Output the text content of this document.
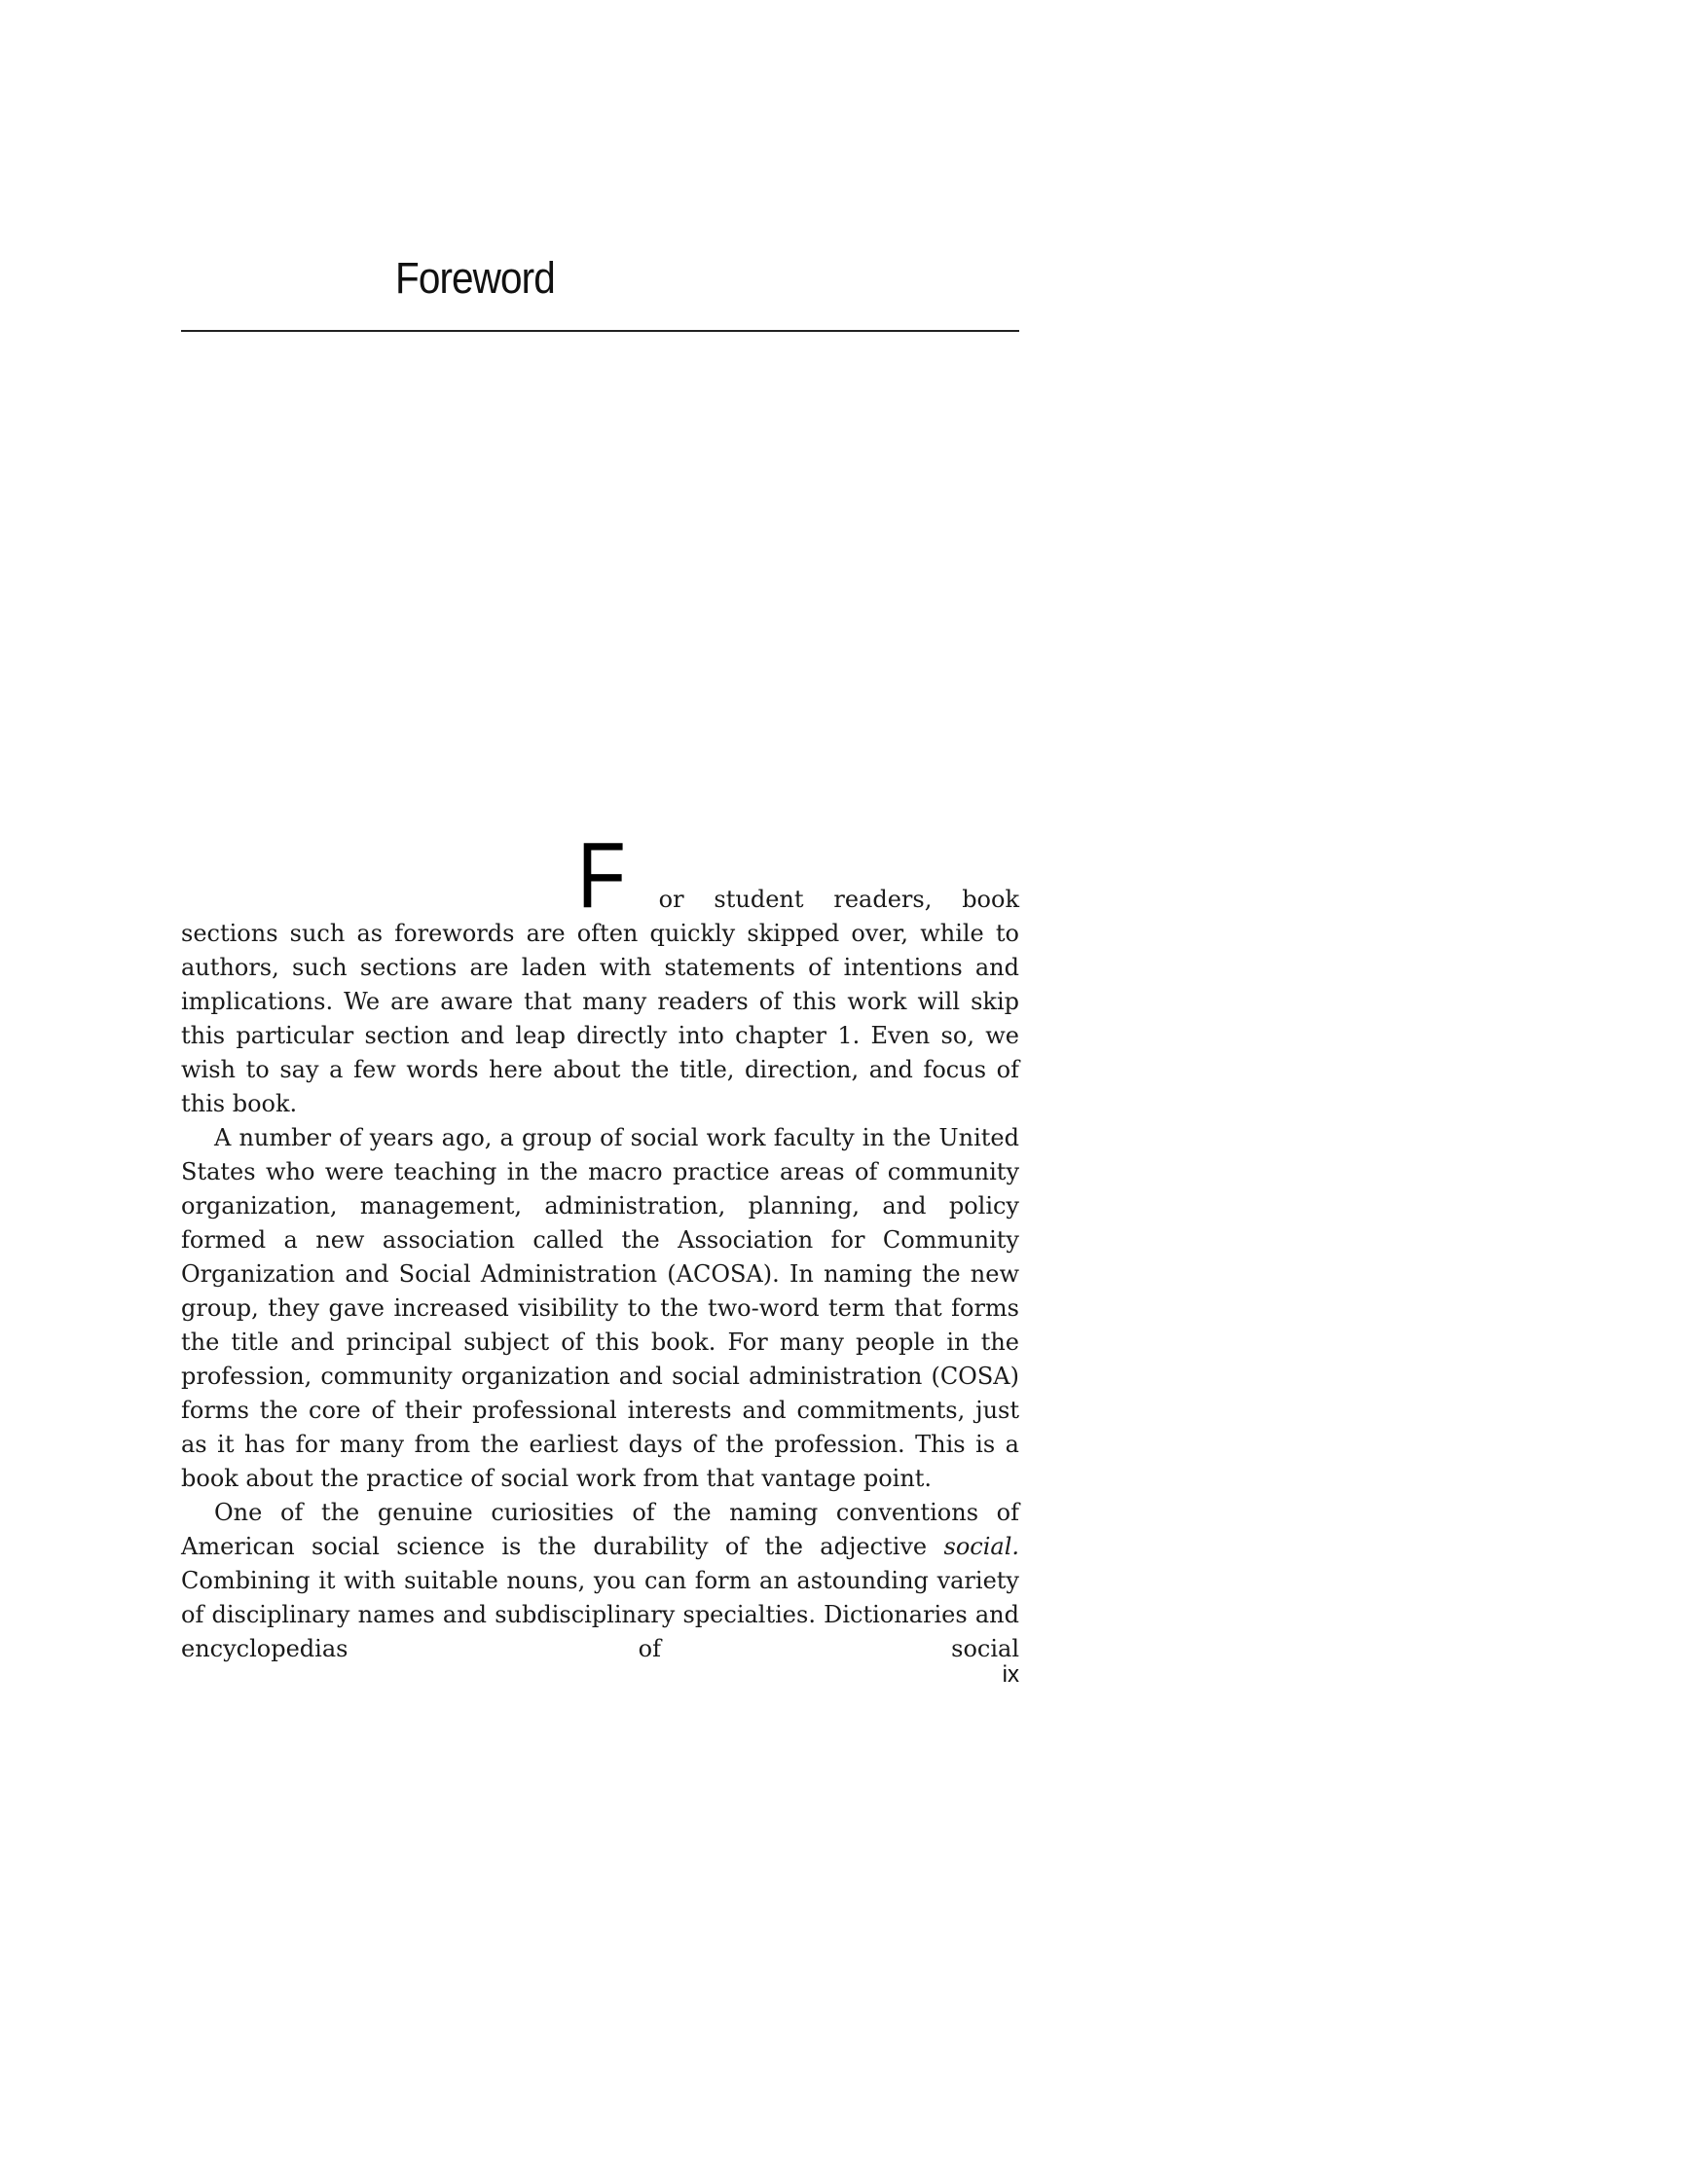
Foreword

F or student readers, book sections such as forewords are often quickly skipped over, while to authors, such sections are laden with statements of intentions and implications. We are aware that many readers of this work will skip this particular section and leap directly into chapter 1. Even so, we wish to say a few words here about the title, direction, and focus of this book.

A number of years ago, a group of social work faculty in the United States who were teaching in the macro practice areas of community organization, management, administration, planning, and policy formed a new association called the Association for Community Organization and Social Administration (ACOSA). In naming the new group, they gave increased visibility to the two-word term that forms the title and principal subject of this book. For many people in the profession, community organization and social administration (COSA) forms the core of their professional interests and commitments, just as it has for many from the earliest days of the profession. This is a book about the practice of social work from that vantage point.

One of the genuine curiosities of the naming conventions of American social science is the durability of the adjective social. Combining it with suitable nouns, you can form an astounding variety of disciplinary names and subdisciplinary specialties. Dictionaries and encyclopedias of social

ix
